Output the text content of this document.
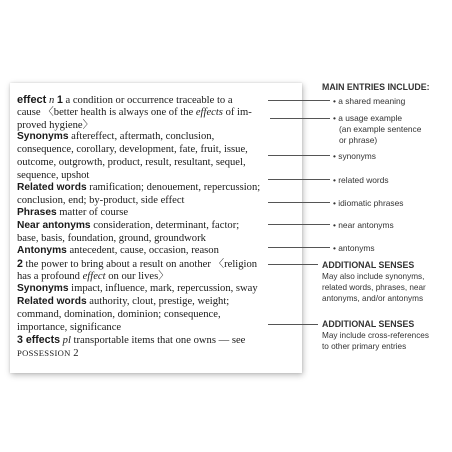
effect n 1 a condition or occurrence traceable to a
cause 〈better health is always one of the effects of im-
proved hygiene〉
Synonyms aftereffect, aftermath, conclusion,
consequence, corollary, development, fate, fruit, issue,
outcome, outgrowth, product, result, resultant, sequel,
sequence, upshot
Related words ramification; denouement, repercussion;
conclusion, end; by-product, side effect
Phrases matter of course
Near antonyms consideration, determinant, factor;
base, basis, foundation, ground, groundwork
Antonyms antecedent, cause, occasion, reason
2 the power to bring about a result on another 〈religion
has a profound effect on our lives〉
Synonyms impact, influence, mark, repercussion, sway
Related words authority, clout, prestige, weight;
command, domination, dominion; consequence,
importance, significance
3 effects pl transportable items that one owns — see
POSSESSION 2
MAIN ENTRIES INCLUDE:
• a shared meaning
• a usage example
(an example sentence
or phrase)
• synonyms
• related words
• idiomatic phrases
• near antonyms
• antonyms
ADDITIONAL SENSES
May also include synonyms,
related words, phrases, near
antonyms, and/or antonyms
ADDITIONAL SENSES
May include cross-references
to other primary entries
